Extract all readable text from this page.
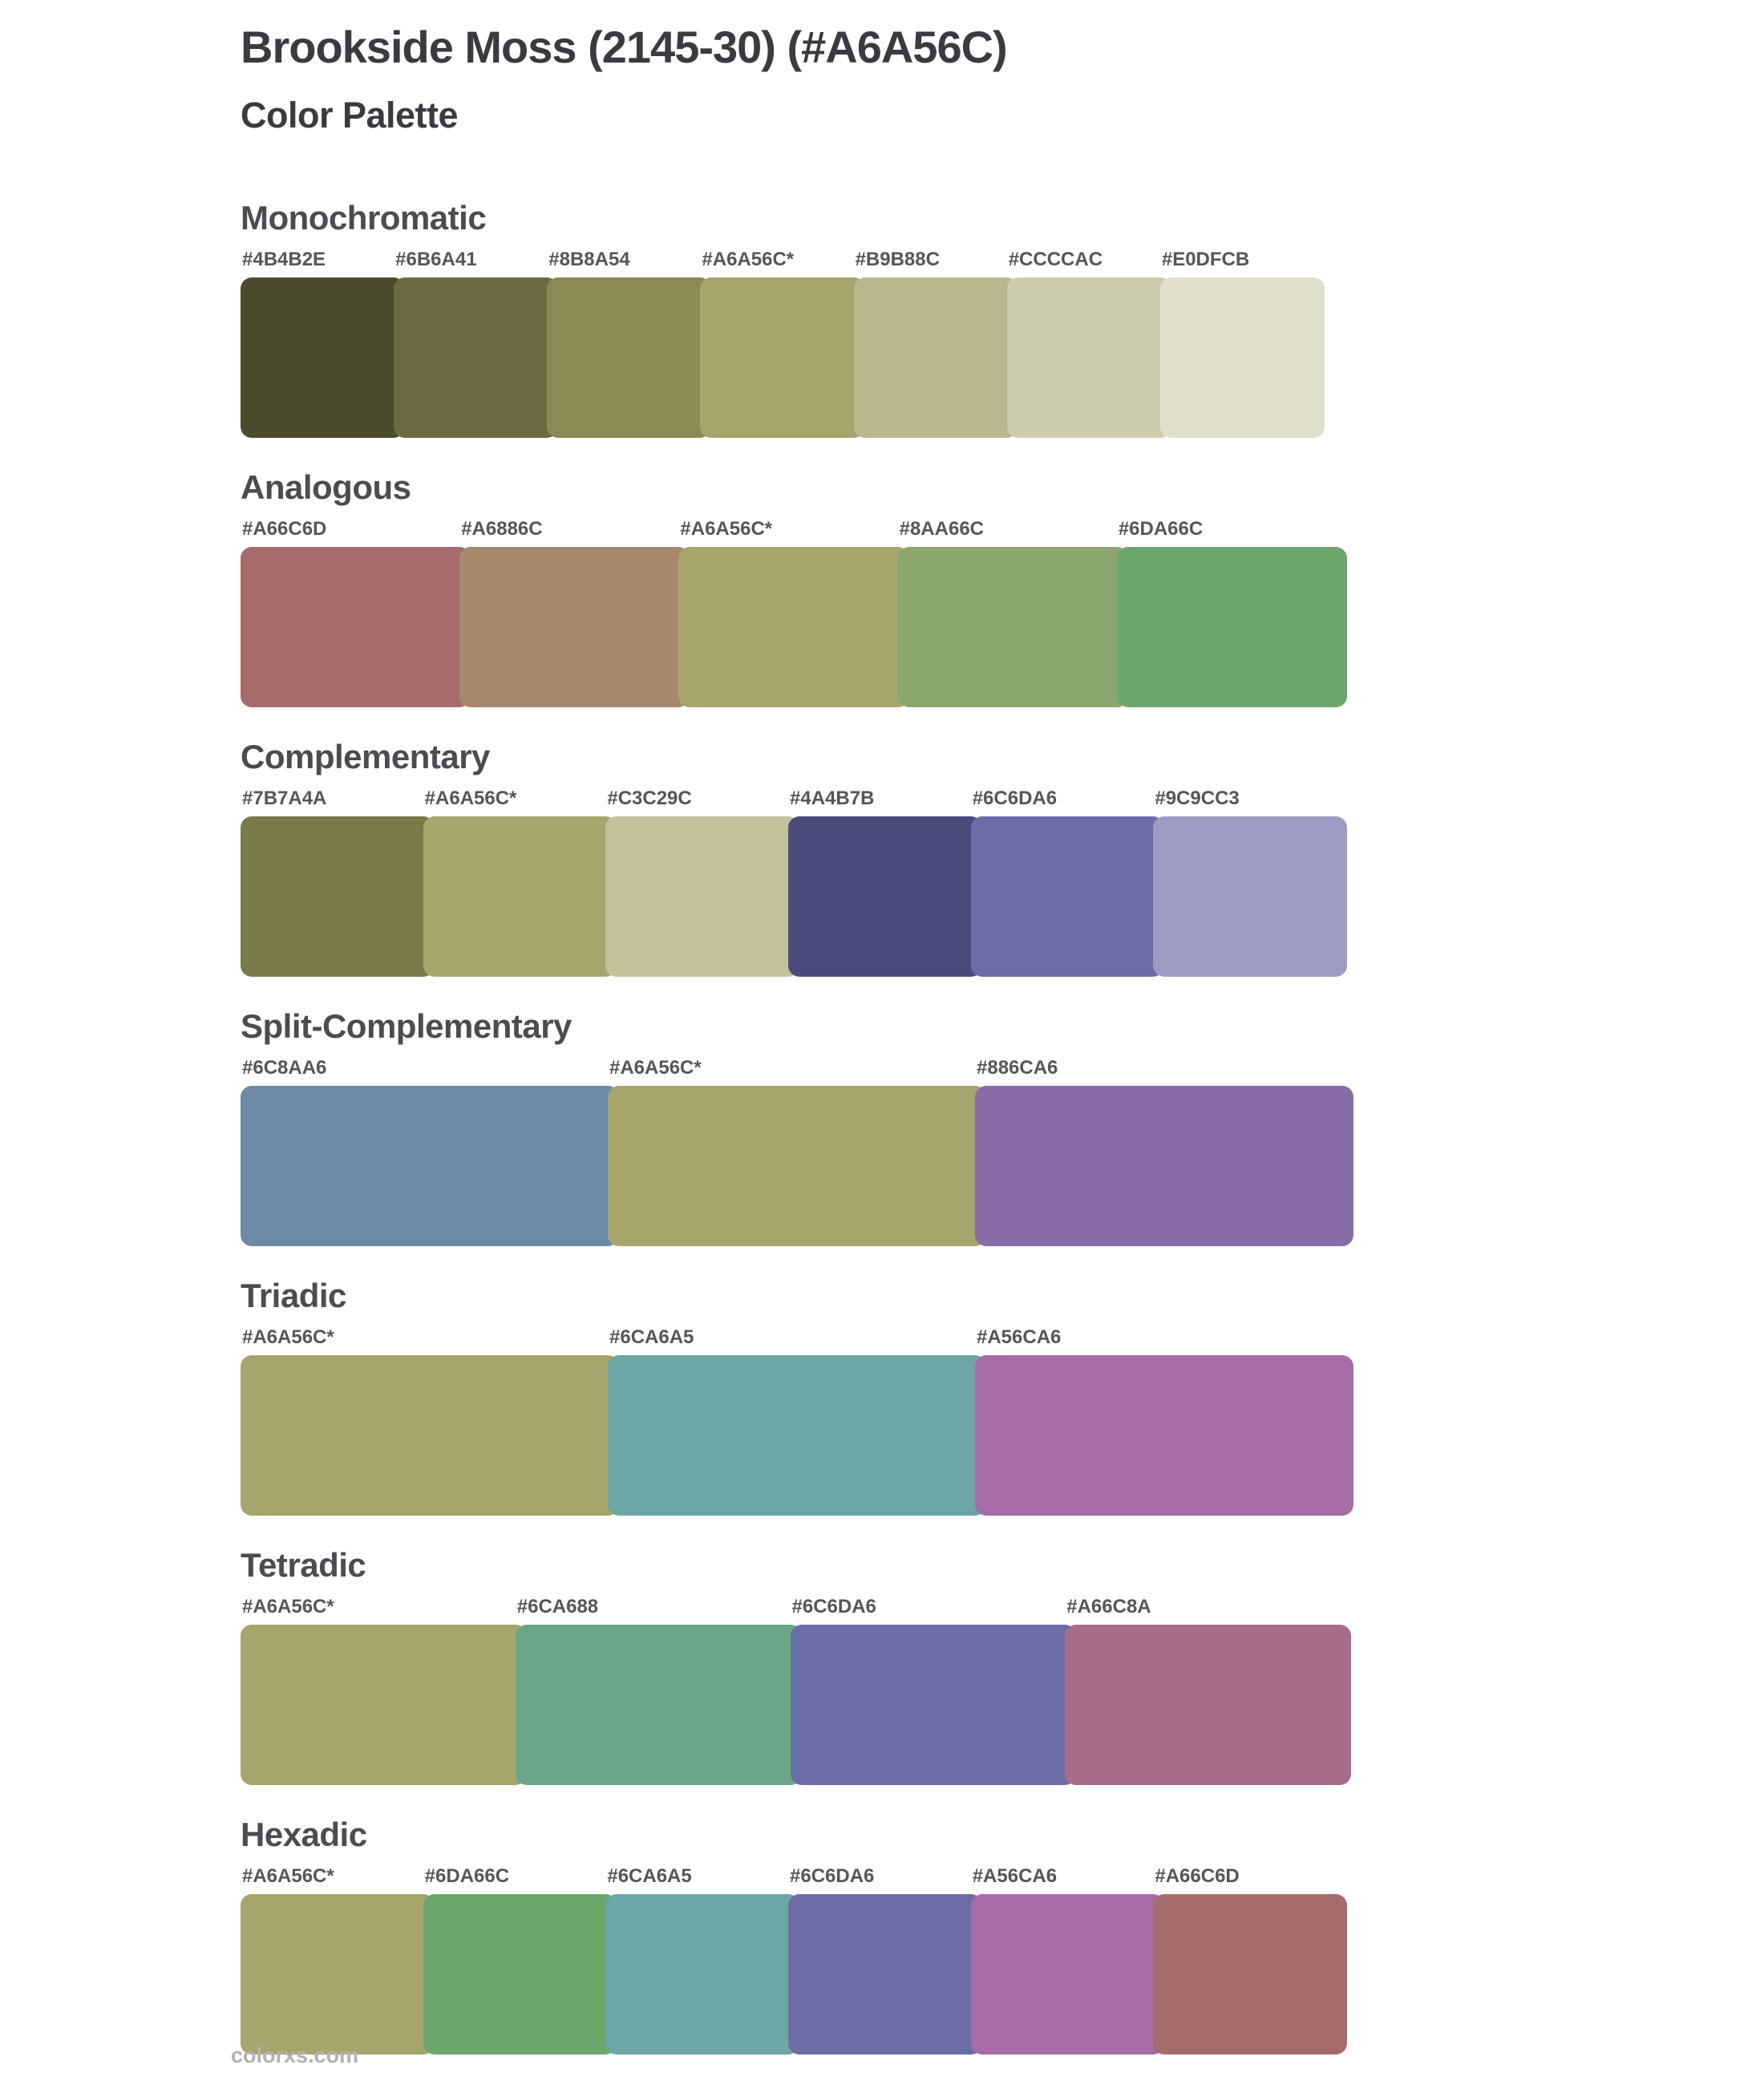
Brookside Moss (2145-30) (#A6A56C)
Color Palette
Monochromatic
#4B4B2E	#6B6A41	#8B8A54	#A6A56C*	#B9B88C	#CCCCAC	#E0DFCB
Analogous
#A66C6D	#A6886C	#A6A56C*	#8AA66C	#6DA66C
Complementary
#7B7A4A	#A6A56C*	#C3C29C	#4A4B7B	#6C6DA6	#9C9CC3
Split-Complementary
#6C8AA6	#A6A56C*	#886CA6
Triadic
#A6A56C*	#6CA6A5	#A56CA6
Tetradic
#A6A56C*	#6CA688	#6C6DA6	#A66C8A
Hexadic
#A6A56C*	#6DA66C	#6CA6A5	#6C6DA6	#A56CA6	#A66C6D
colorxs.com
